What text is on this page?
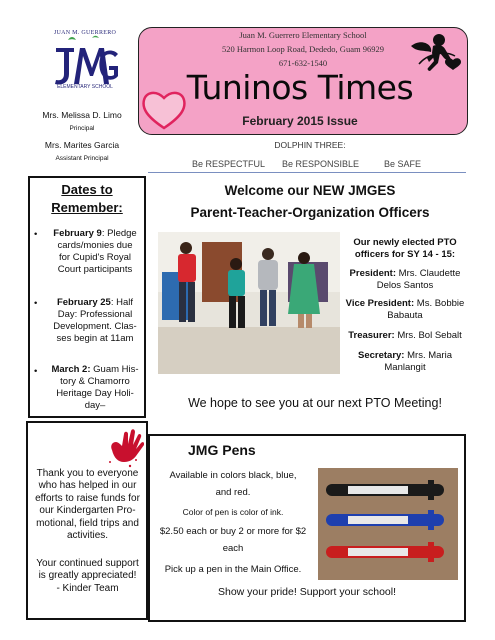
JUAN M. GUERRERO
ELEMENTARY SCHOOL
Mrs. Melissa D. Limo
Principal
Mrs. Marites Garcia
Assistant Principal
Juan M. Guerrero Elementary School
520 Harmon Loop Road, Dededo, Guam 96929
671-632-1540
Tuninos Times
February 2015 Issue
DOLPHIN THREE:
Be RESPECTFUL Be RESPONSIBLE	Be SAFE
Dates to
Remember:
•	February 9: Pledge
cards/monies due
for Cupid's Royal
Court participants
•	February 25: Half
Day: Professional
Development. Clas-
ses begin at 11am
•	March 2: Guam His-
tory & Chamorro
Heritage Day Holi-
day–
Thank you to everyone
who has helped in our
efforts to raise funds for
our Kindergarten Pro-
motional, field trips and
activities.
Your continued support
is greatly appreciated!
- Kinder Team
Welcome our NEW JMGES
Parent-Teacher-Organization Officers
Our newly elected PTO
officers for SY 14 - 15:
President: Mrs. Claudette
Delos Santos
Vice President: Ms. Bobbie
Babauta
Treasurer: Mrs. Bol Sebalt
Secretary: Mrs. Maria
Manlangit
We hope to see you at our next PTO Meeting!
JMG Pens
Available in colors black, blue,
and red.
Color of pen is color of ink.
$2.50 each or buy 2 or more for $2
each
Pick up a pen in the Main Office.
Show your pride! Support your school!
